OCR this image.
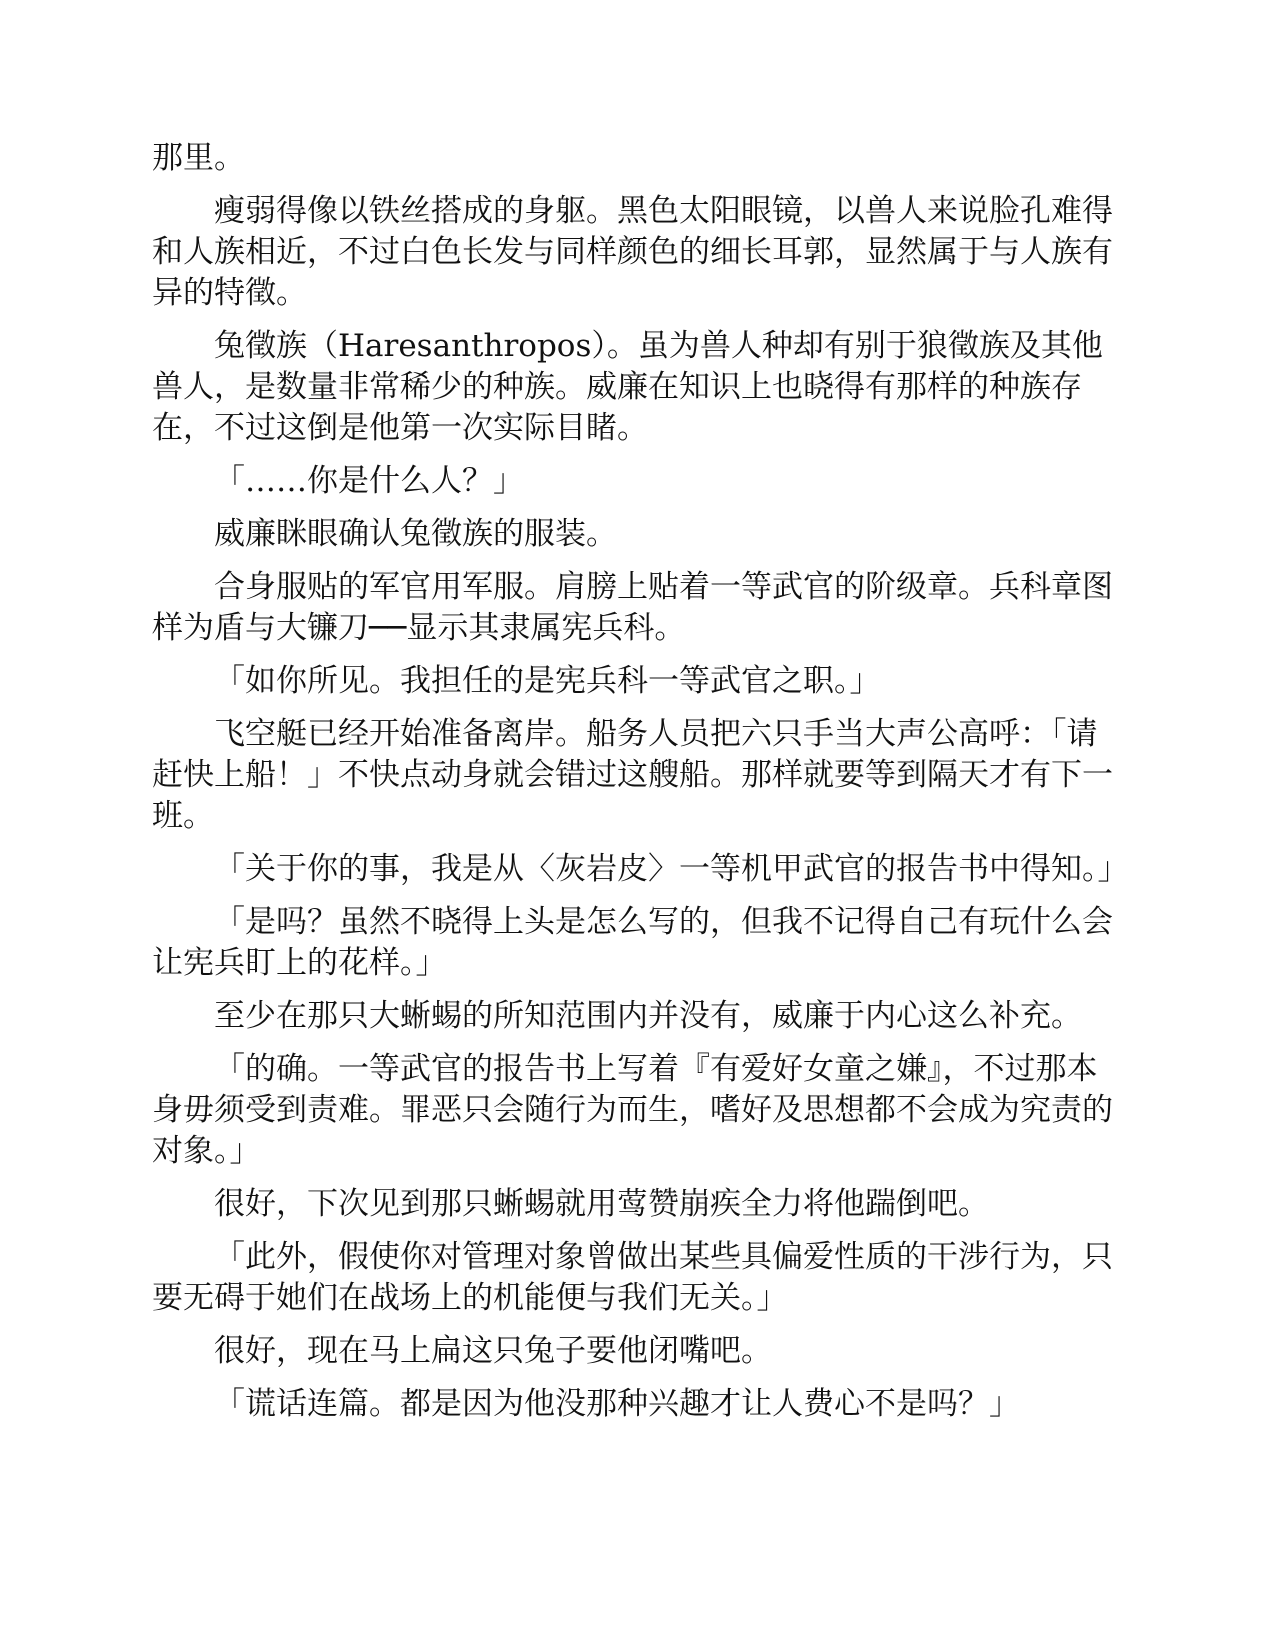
那里。

瘦弱得像以铁丝搭成的身躯。黑色太阳眼镜，以兽人来说脸孔难得和人族相近，不过白色长发与同样颜色的细长耳郭，显然属于与人族有异的特徵。

兔徵族（Haresanthropos）。虽为兽人种却有别于狼徵族及其他兽人，是数量非常稀少的种族。威廉在知识上也晓得有那样的种族存在，不过这倒是他第一次实际目睹。

「……你是什么人？」

威廉眯眼确认兔徵族的服装。

合身服贴的军官用军服。肩膀上贴着一等武官的阶级章。兵科章图样为盾与大镰刀──显示其隶属宪兵科。

「如你所见。我担任的是宪兵科一等武官之职。」

飞空艇已经开始准备离岸。船务人员把六只手当大声公高呼：「请赶快上船！」不快点动身就会错过这艘船。那样就要等到隔天才有下一班。

「关于你的事，我是从〈灰岩皮〉一等机甲武官的报告书中得知。」

「是吗？虽然不晓得上头是怎么写的，但我不记得自己有玩什么会让宪兵盯上的花样。」

至少在那只大蜥蜴的所知范围内并没有，威廉于内心这么补充。

「的确。一等武官的报告书上写着『有爱好女童之嫌』，不过那本身毋须受到责难。罪恶只会随行为而生，嗜好及思想都不会成为究责的对象。」

很好，下次见到那只蜥蜴就用莺赞崩疾全力将他踹倒吧。

「此外，假使你对管理对象曾做出某些具偏爱性质的干涉行为，只要无碍于她们在战场上的机能便与我们无关。」

很好，现在马上扁这只兔子要他闭嘴吧。

「谎话连篇。都是因为他没那种兴趣才让人费心不是吗？」
